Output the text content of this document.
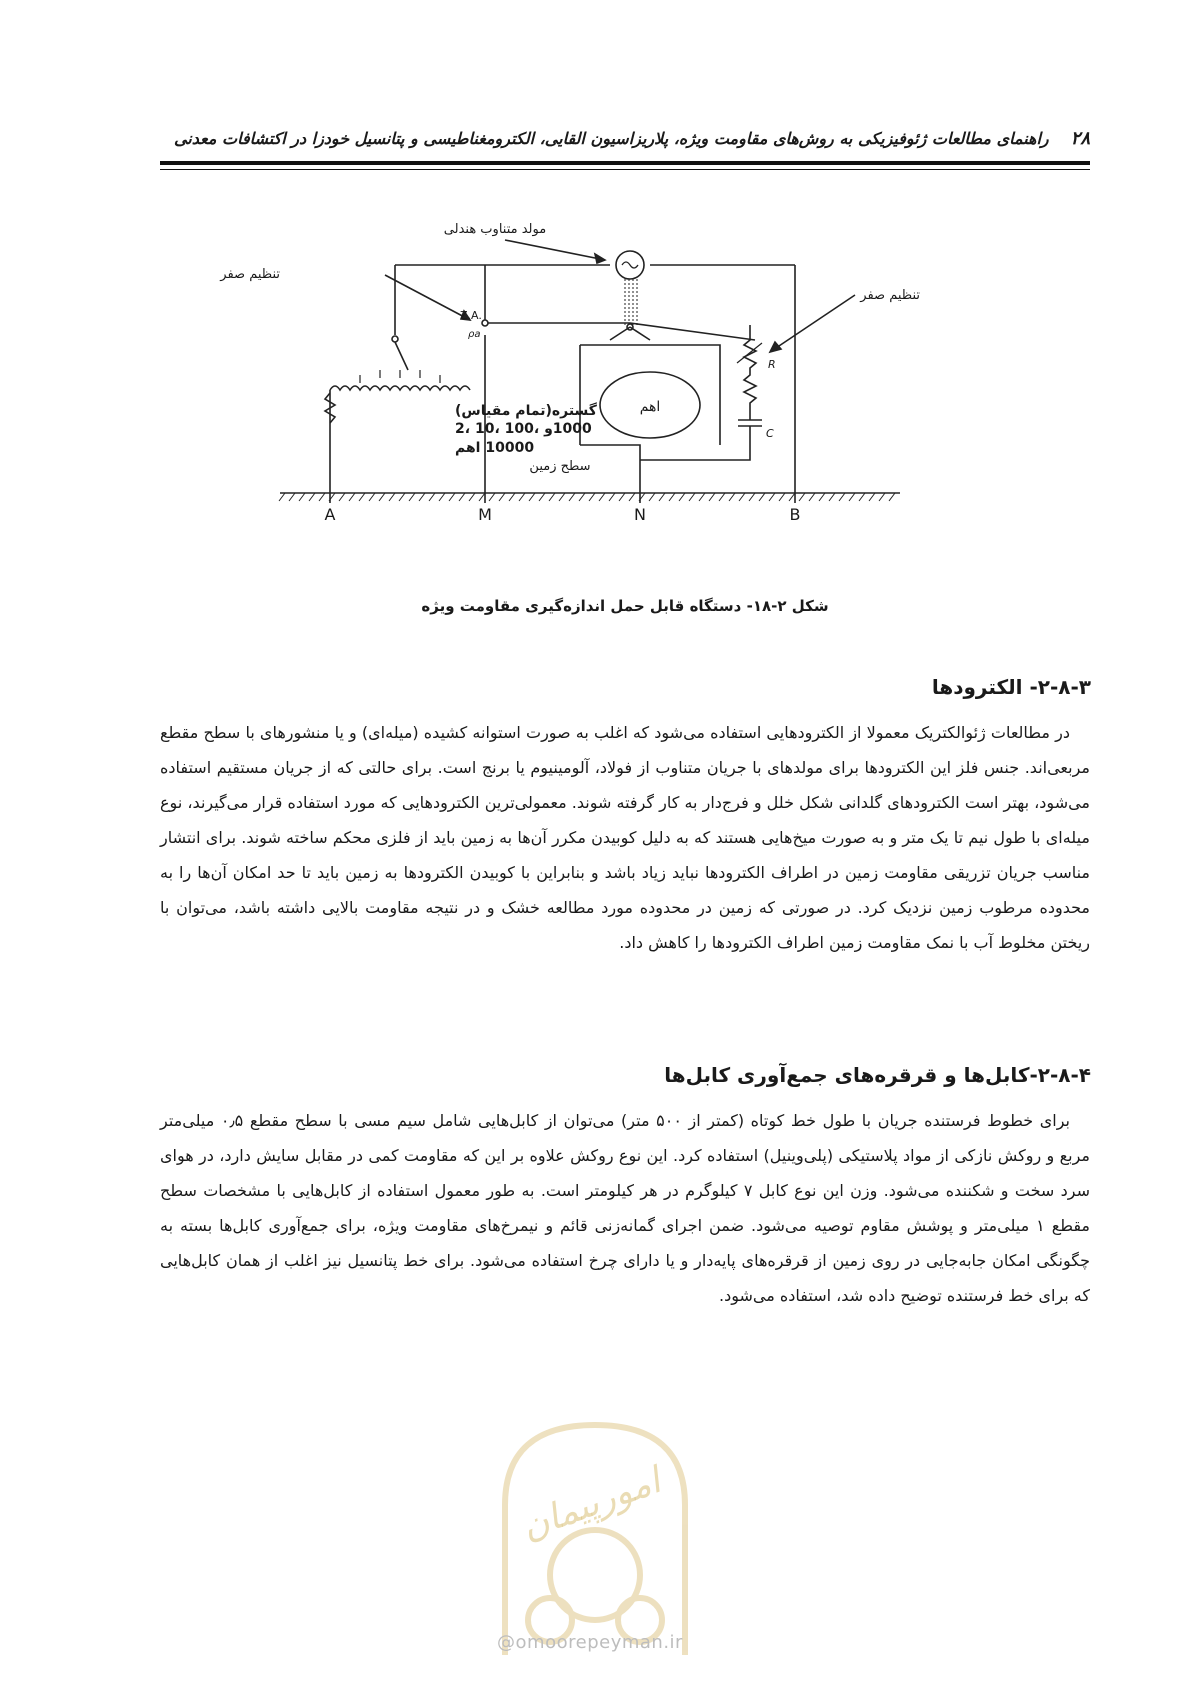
۲۸
راهنمای مطالعات ژئوفیزیکی به روش‌های مقاومت ویژه، پلاریزاسیون القایی، الکترومغناطیسی و پتانسیل خودزا در اکتشافات معدنی
مولد متناوب هندلی
تنظیم صفر
تنظیم صفر
Z.A.
ρa
گستره(تمام مقیاس)
1000و ،100 ،10 ،2
10000 اهم
اهم
سطح زمین
R
C
A	M	N	B
شکل ۲-۱۸- دستگاه قابل حمل اندازه‌گیری مقاومت ویژه
۲-۸-۳- الکترودها

در مطالعات ژئوالکتریک معمولا از الکترودهایی استفاده می‌شود که اغلب به صورت استوانه کشیده (میله‌ای) و یا منشورهای با سطح مقطع مربعی‌اند. جنس فلز این الکترودها برای مولدهای با جریان متناوب از فولاد، آلومینیوم یا برنج است. برای حالتی که از جریان مستقیم استفاده می‌شود، بهتر است الکترودهای گلدانی شکل خلل و فرج‌دار به کار گرفته شوند. معمولی‌ترین الکترودهایی که مورد استفاده قرار می‌گیرند، نوع میله‌ای با طول نیم تا یک متر و به صورت میخ‌هایی هستند که به دلیل کوبیدن مکرر آن‌ها به زمین باید از فلزی محکم ساخته شوند. برای انتشار مناسب جریان تزریقی مقاومت زمین در اطراف الکترودها نباید زیاد باشد و بنابراین با کوبیدن الکترودها به زمین باید تا حد امکان آن‌ها را به محدوده مرطوب زمین نزدیک کرد. در صورتی که زمین در محدوده مورد مطالعه خشک و در نتیجه مقاومت بالایی داشته باشد، می‌توان با ریختن مخلوط آب با نمک مقاومت زمین اطراف الکترودها را کاهش داد.

۲-۸-۴-کابل‌ها و قرقره‌های جمع‌آوری کابل‌ها

برای خطوط فرستنده جریان با طول خط کوتاه (کمتر از ۵۰۰ متر) می‌توان از کابل‌هایی شامل سیم مسی با سطح مقطع ۰٫۵ میلی‌متر مربع و روکش نازکی از مواد پلاستیکی (پلی‌وینیل) استفاده کرد. این نوع روکش علاوه بر این که مقاومت کمی در مقابل سایش دارد، در هوای سرد سخت و شکننده می‌شود. وزن این نوع کابل ۷ کیلوگرم در هر کیلومتر است. به طور معمول استفاده از کابل‌هایی با مشخصات سطح مقطع ۱ میلی‌متر و پوشش مقاوم توصیه می‌شود. ضمن اجرای گمانه‌زنی قائم و نیمرخ‌های مقاومت ویژه، برای جمع‌آوری کابل‌ها بسته به چگونگی امکان جابه‌جایی در روی زمین از قرقره‌های پایه‌دار و یا دارای چرخ استفاده می‌شود. برای خط پتانسیل نیز اغلب از همان کابل‌هایی که برای خط فرستنده توضیح داده شد، استفاده می‌شود.

امورپیمان
@omoorepeyman.ir
